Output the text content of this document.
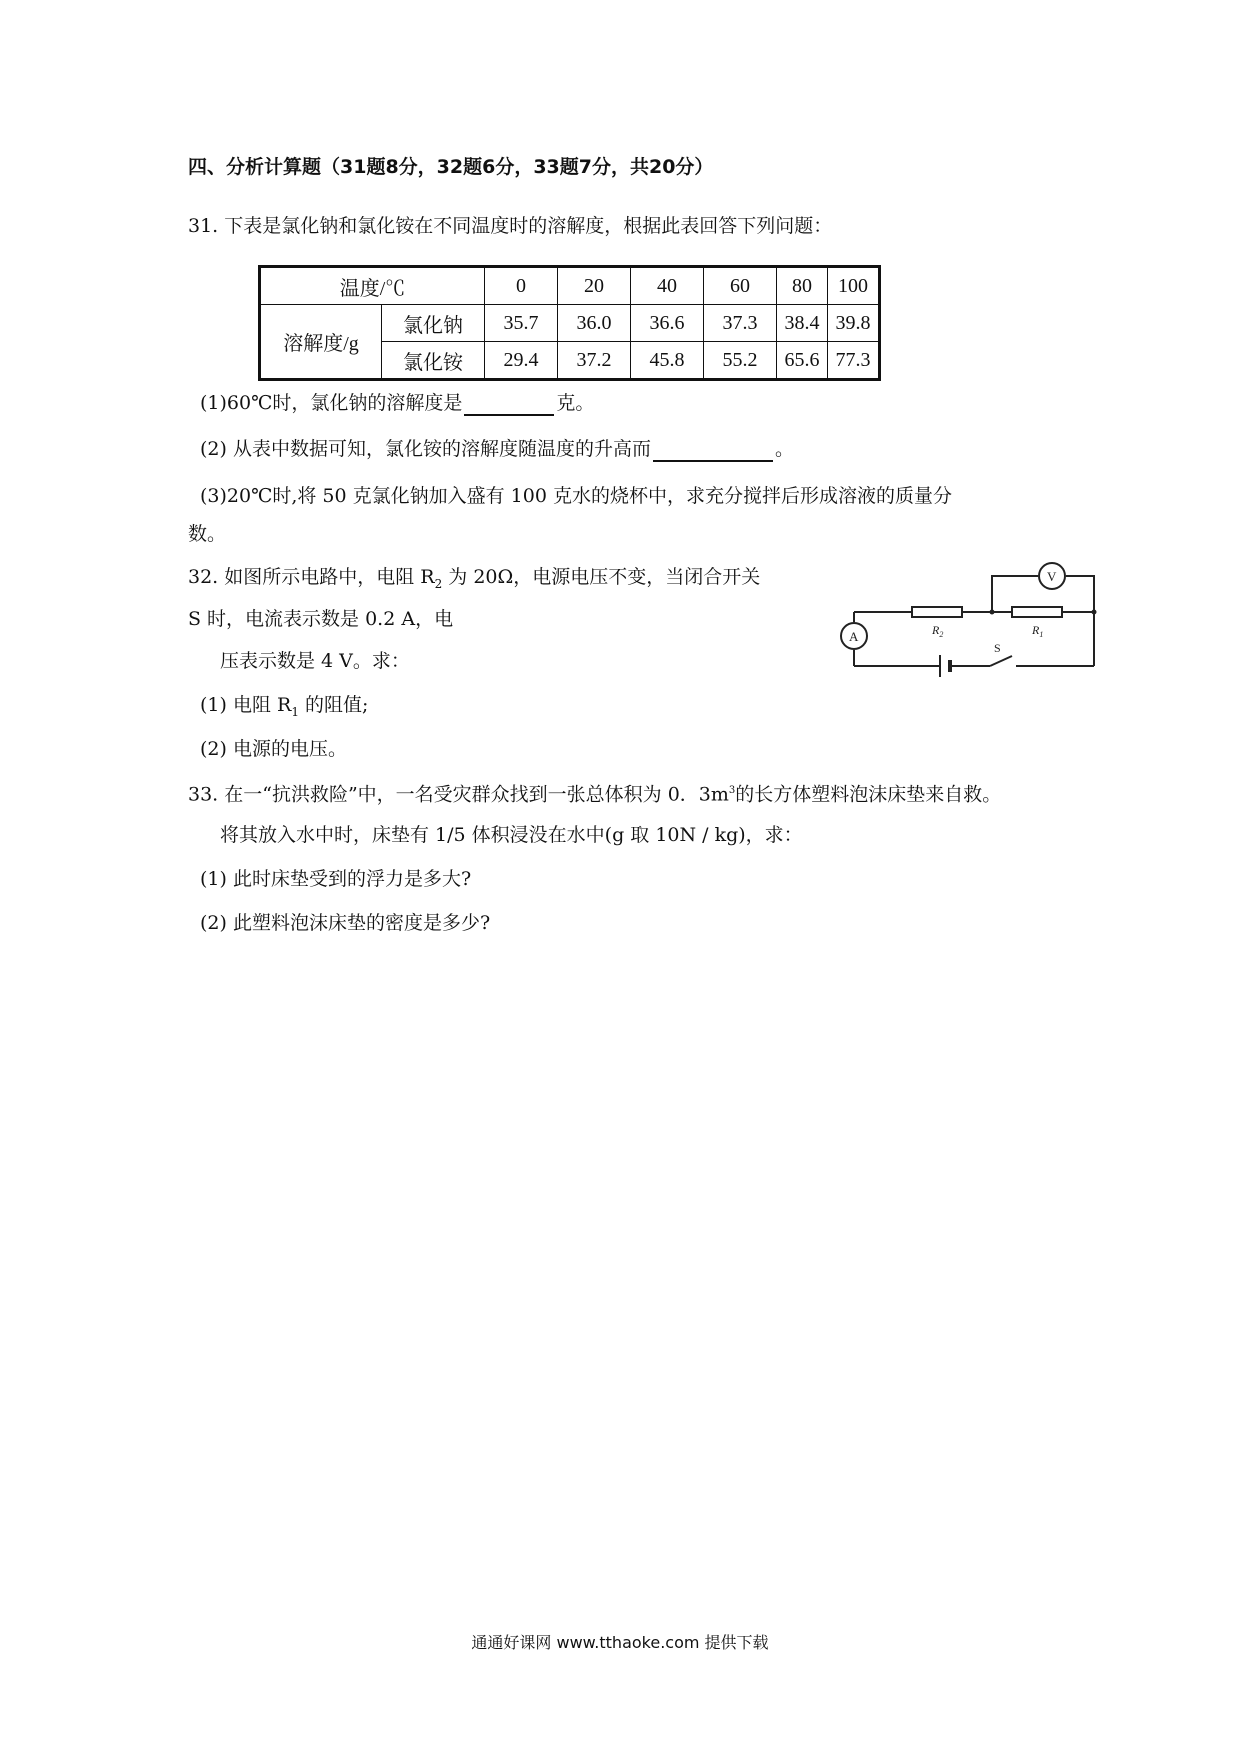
四、分析计算题（31题8分，32题6分，33题7分，共20分）
31. 下表是氯化钠和氯化铵在不同温度时的溶解度，根据此表回答下列问题：
温度/℃		0	20	40	60	80	100
溶解度/g	氯化钠	35.7	36.0	36.6	37.3	38.4	39.8
	氯化铵	29.4	37.2	45.8	55.2	65.6	77.3
(1)60℃时，氯化钠的溶解度是	克。
(2) 从表中数据可知，氯化铵的溶解度随温度的升高而	。
(3)20℃时,将 50 克氯化钠加入盛有 100 克水的烧杯中，求充分搅拌后形成溶液的质量分
数。
32. 如图所示电路中，电阻 $R_2$ 为 20Ω，电源电压不变，当闭合开关
S 时，电流表示数是 0.2 A，电
压表示数是 4 V。求：
(1) 电阻 $R_1$ 的阻值;
(2) 电源的电压。
V
A	$R_2$	$R_1$
S
33. 在一“抗洪救险”中，一名受灾群众找到一张总体积为 0．$3m^3$的长方体塑料泡沫床垫来自救。
将其放入水中时，床垫有 1/5 体积浸没在水中(g 取 10N / kg)，求：
(1) 此时床垫受到的浮力是多大?
(2) 此塑料泡沫床垫的密度是多少?
通通好课网 www.tthaoke.com 提供下载
